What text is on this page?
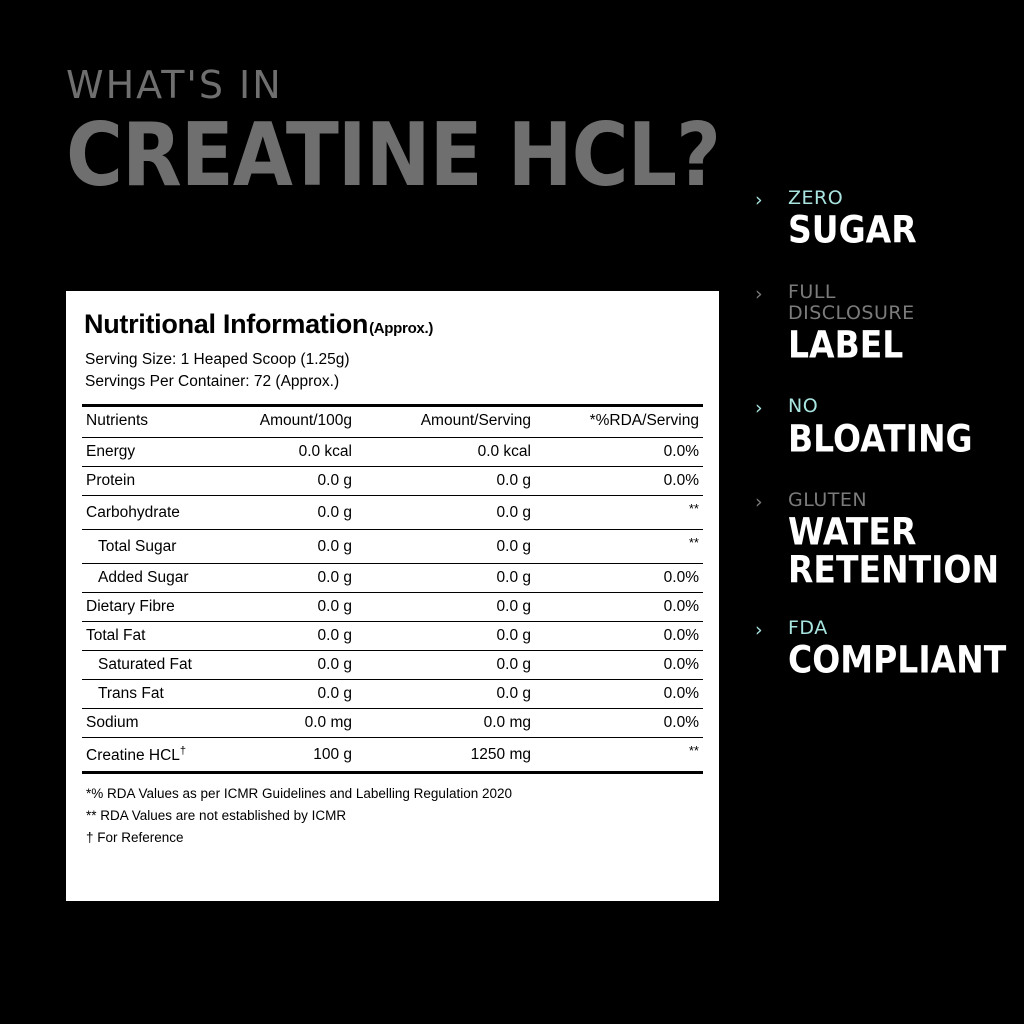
WHAT'S IN
CREATINE HCL?
Nutritional Information (Approx.)
Serving Size: 1 Heaped Scoop (1.25g)
Servings Per Container: 72 (Approx.)
Nutrients	Amount/100g	Amount/Serving	*%RDA/Serving
Energy	0.0 kcal	0.0 kcal	0.0%
Protein	0.0 g	0.0 g	0.0%
Carbohydrate	0.0 g	0.0 g	**
Total Sugar	0.0 g	0.0 g	**
Added Sugar	0.0 g	0.0 g	0.0%
Dietary Fibre	0.0 g	0.0 g	0.0%
Total Fat	0.0 g	0.0 g	0.0%
Saturated Fat	0.0 g	0.0 g	0.0%
Trans Fat	0.0 g	0.0 g	0.0%
Sodium	0.0 mg	0.0 mg	0.0%
Creatine HCL†	100 g	1250 mg	**
*% RDA Values as per ICMR Guidelines and Labelling Regulation 2020
** RDA Values are not established by ICMR
† For Reference
› ZERO
SUGAR
› FULL
DISCLOSURE
LABEL
› NO
BLOATING
› GLUTEN
WATER
RETENTION
› FDA
COMPLIANT
